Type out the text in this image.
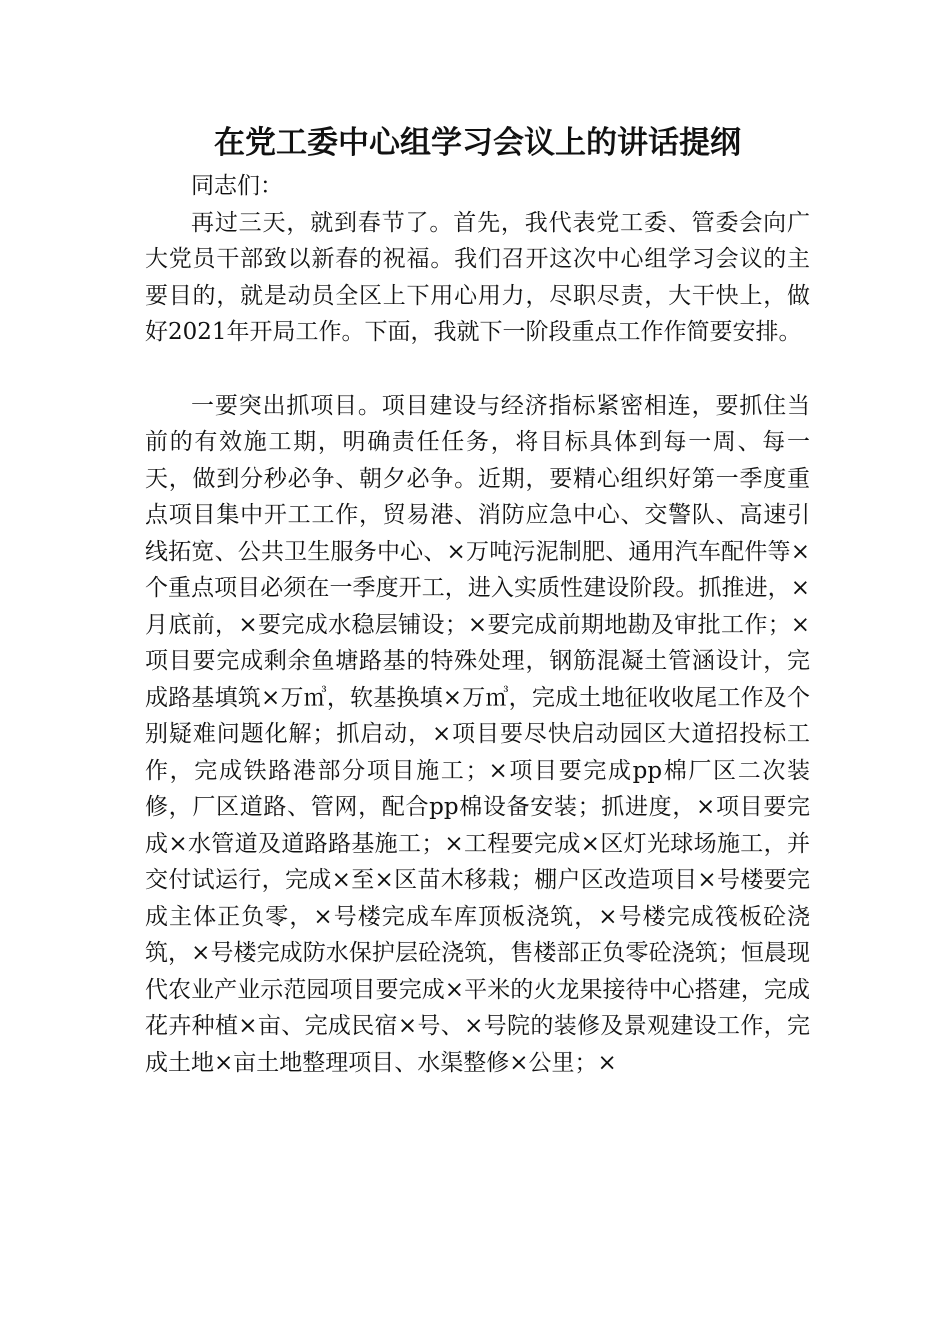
在党工委中心组学习会议上的讲话提纲

同志们：

再过三天，就到春节了。首先，我代表党工委、管委会向广大党员干部致以新春的祝福。我们召开这次中心组学习会议的主要目的，就是动员全区上下用心用力，尽职尽责，大干快上，做好2021年开局工作。下面，我就下一阶段重点工作作简要安排。

一要突出抓项目。项目建设与经济指标紧密相连，要抓住当前的有效施工期，明确责任任务，将目标具体到每一周、每一天，做到分秒必争、朝夕必争。近期，要精心组织好第一季度重点项目集中开工工作，贸易港、消防应急中心、交警队、高速引线拓宽、公共卫生服务中心、×万吨污泥制肥、通用汽车配件等×个重点项目必须在一季度开工，进入实质性建设阶段。抓推进，×月底前，×要完成水稳层铺设；×要完成前期地勘及审批工作；×项目要完成剩余鱼塘路基的特殊处理，钢筋混凝土管涵设计，完成路基填筑×万㎥，软基换填×万㎥，完成土地征收收尾工作及个别疑难问题化解；抓启动，×项目要尽快启动园区大道招投标工作，完成铁路港部分项目施工；×项目要完成pp棉厂区二次装修，厂区道路、管网，配合pp棉设备安装；抓进度，×项目要完成×水管道及道路路基施工；×工程要完成×区灯光球场施工，并交付试运行，完成×至×区苗木移栽；棚户区改造项目×号楼要完成主体正负零，×号楼完成车库顶板浇筑，×号楼完成筏板砼浇筑，×号楼完成防水保护层砼浇筑，售楼部正负零砼浇筑；恒晨现代农业产业示范园项目要完成×平米的火龙果接待中心搭建，完成花卉种植×亩、完成民宿×号、×号院的装修及景观建设工作，完成土地×亩土地整理项目、水渠整修×公里；×
